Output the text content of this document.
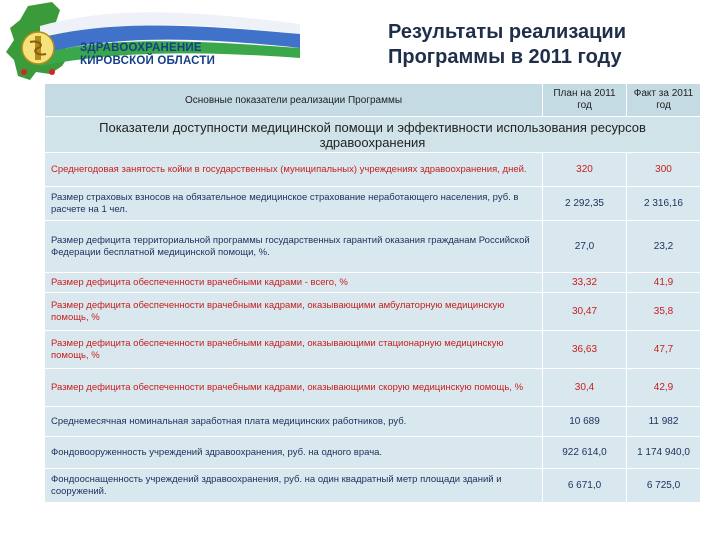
ЗДРАВООХРАНЕНИЕ
КИРОВСКОЙ ОБЛАСТИ
Результаты реализации
Программы в 2011 году
Основные показатели реализации Программы	План на 2011 год	Факт за 2011 год
Показатели доступности медицинской помощи и эффективности использования ресурсов здравоохранения		
Среднегодовая занятость койки в государственных (муниципальных) учреждениях здравоохранения, дней.	320	300
Размер страховых взносов на обязательное медицинское страхование неработающего населения, руб. в расчете на 1 чел.	2 292,35	2 316,16
Размер дефицита территориальной программы государственных гарантий оказания гражданам Российской Федерации бесплатной медицинской помощи, %.	27,0	23,2
Размер дефицита обеспеченности врачебными кадрами - всего, %	33,32	41,9
Размер дефицита обеспеченности врачебными кадрами, оказывающими амбулаторную медицинскую помощь, %	30,47	35,8
Размер дефицита обеспеченности врачебными кадрами, оказывающими стационарную медицинскую помощь, %	36,63	47,7
Размер дефицита обеспеченности врачебными кадрами, оказывающими скорую медицинскую помощь, %	30,4	42,9
Среднемесячная номинальная заработная плата медицинских работников, руб.	10 689	11 982
Фондовооруженность учреждений здравоохранения, руб. на одного врача.	922 614,0	1 174 940,0
Фондооснащенность учреждений здравоохранения, руб. на один квадратный метр площади зданий и сооружений.	6 671,0	6 725,0
